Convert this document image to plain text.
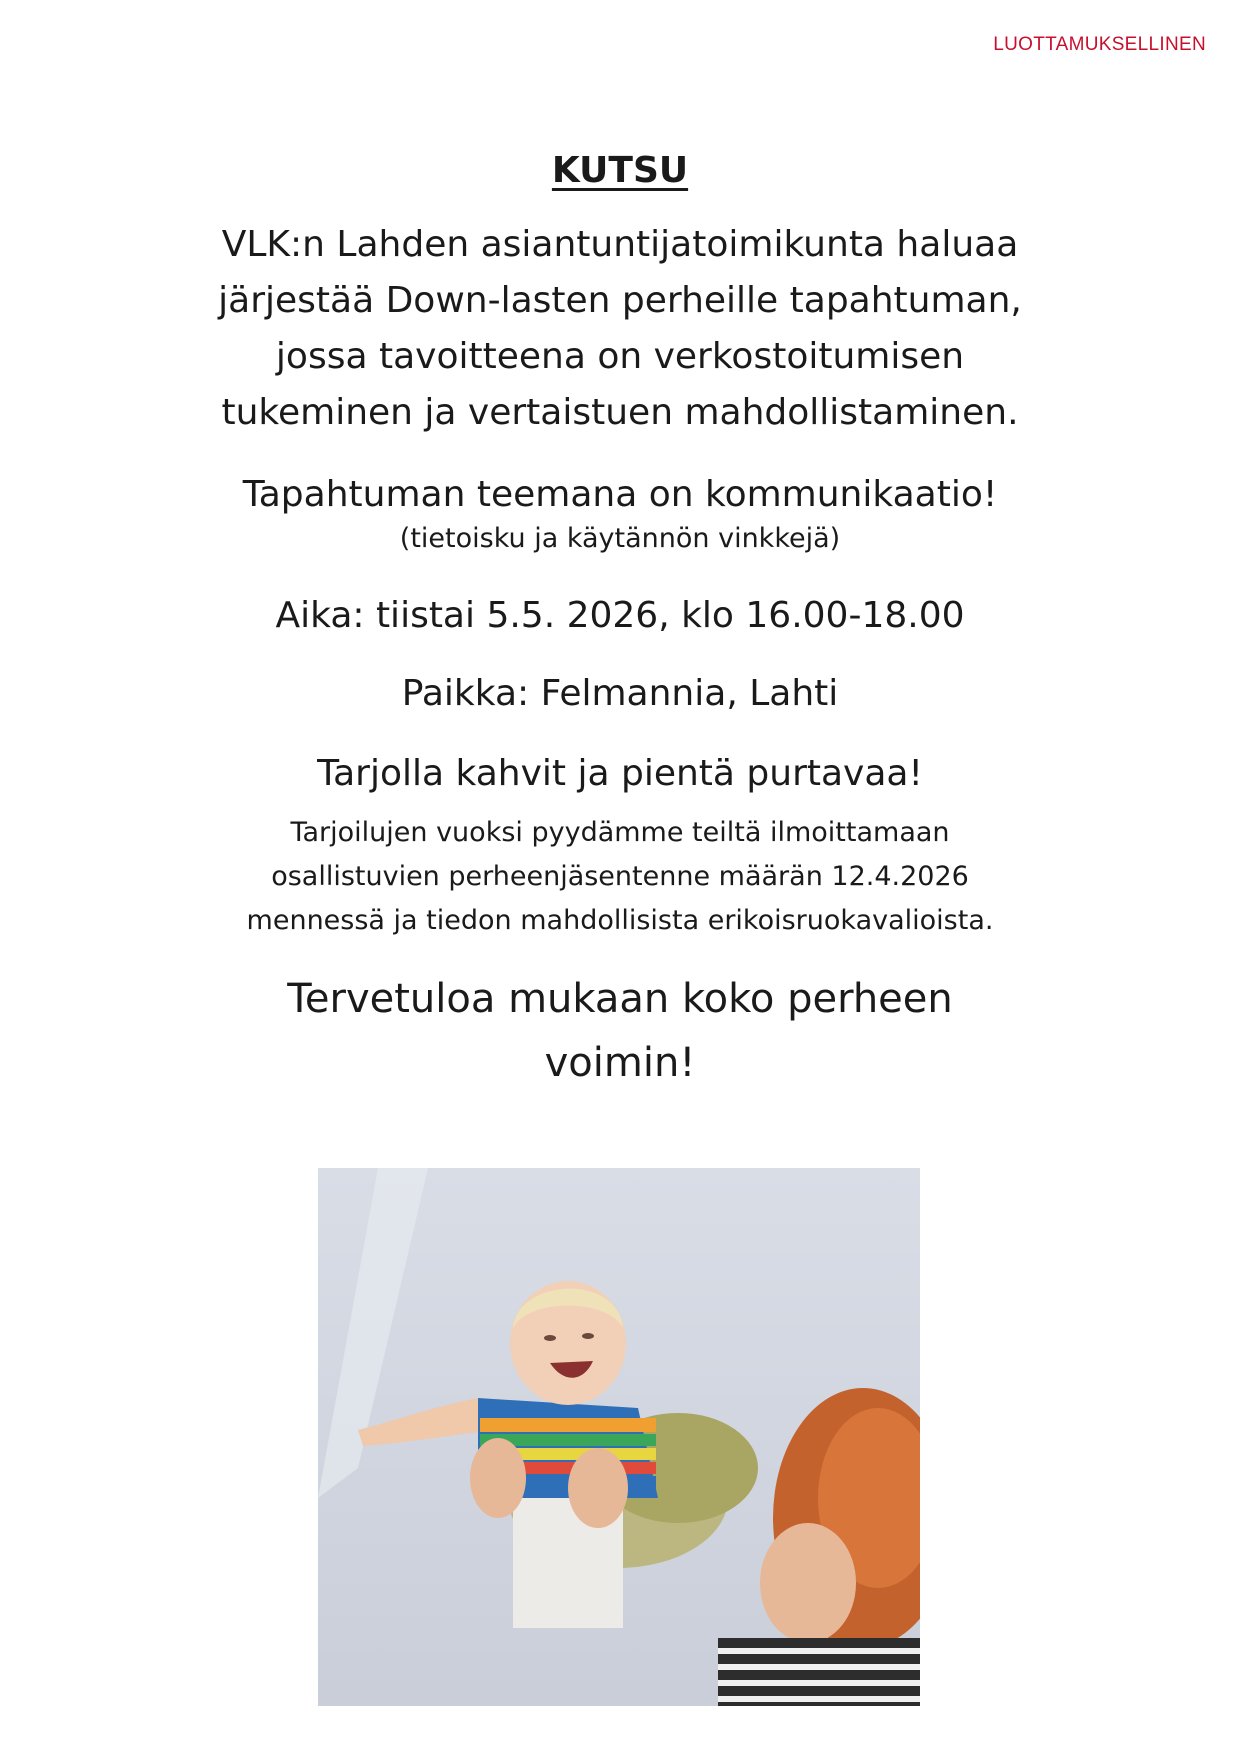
LUOTTAMUKSELLINEN
KUTSU

VLK:n Lahden asiantuntijatoimikunta haluaa

järjestää Down-lasten perheille tapahtuman,

jossa tavoitteena on verkostoitumisen

tukeminen ja vertaistuen mahdollistaminen.

Tapahtuman teemana on kommunikaatio!
(tietoisku ja käytännön vinkkejä)
Aika: tiistai 5.5. 2026, klo 16.00-18.00
Paikka: Felmannia, Lahti
Tarjolla kahvit ja pientä purtavaa!

Tarjoilujen vuoksi pyydämme teiltä ilmoittamaan

osallistuvien perheenjäsentenne määrän 12.4.2026

mennessä ja tiedon mahdollisista erikoisruokavalioista.

Tervetuloa mukaan koko perheen

voimin!
